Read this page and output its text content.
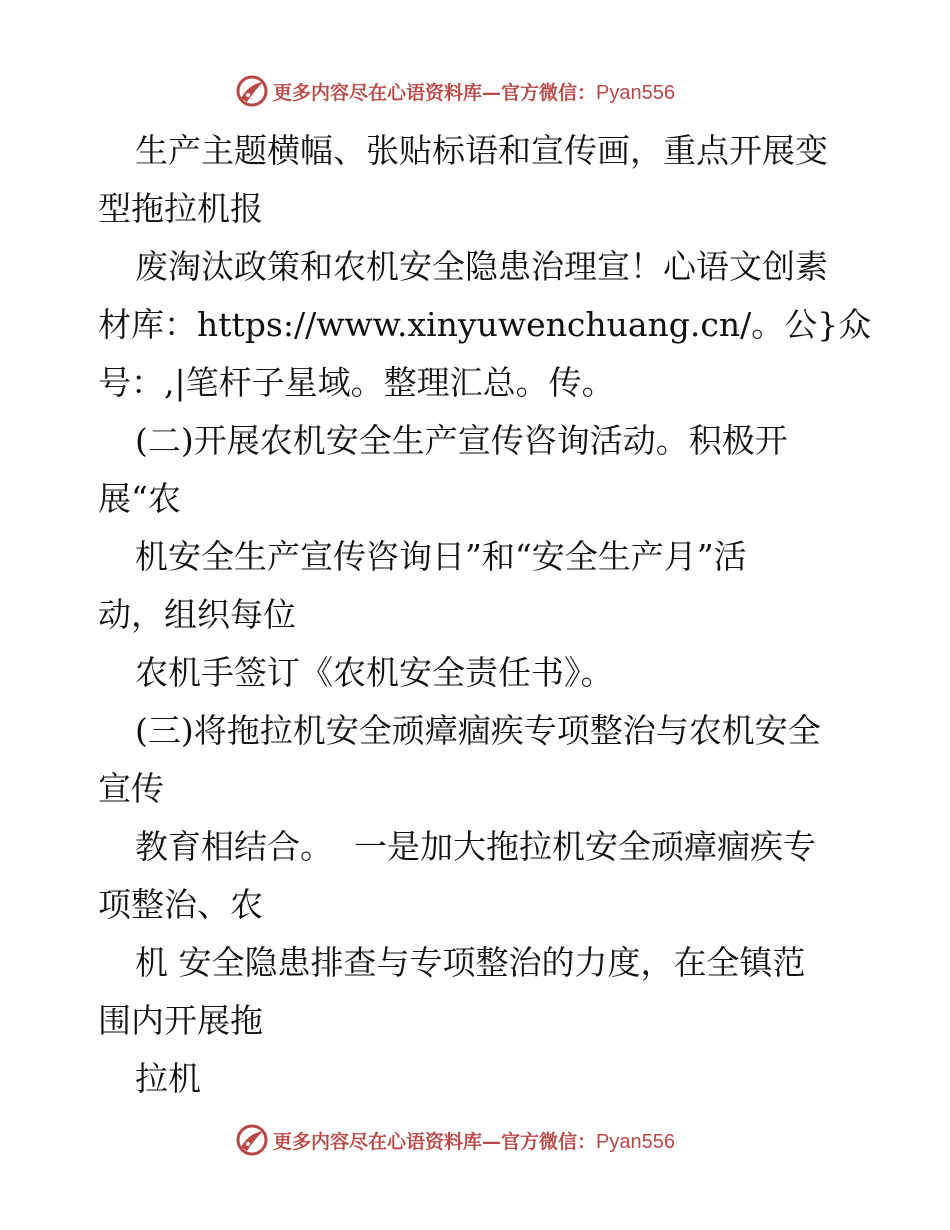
更多内容尽在心语资料库—官方微信：Pyan556
生产主题横幅、张贴标语和宣传画，重点开展变
型拖拉机报
废淘汰政策和农机安全隐患治理宣！心语文创素
材库：https://www.xinyuwenchuang.cn/。公}众
号：,|笔杆子星域。整理汇总。传。
(二)开展农机安全生产宣传咨询活动。积极开
展“农
机安全生产宣传咨询日”和“安全生产月”活
动，组织每位
农机手签订《农机安全责任书》。
(三)将拖拉机安全顽瘴痼疾专项整治与农机安全
宣传
教育相结合。  一是加大拖拉机安全顽瘴痼疾专
项整治、农
机 安全隐患排查与专项整治的力度，在全镇范
围内开展拖
拉机
更多内容尽在心语资料库—官方微信：Pyan556
